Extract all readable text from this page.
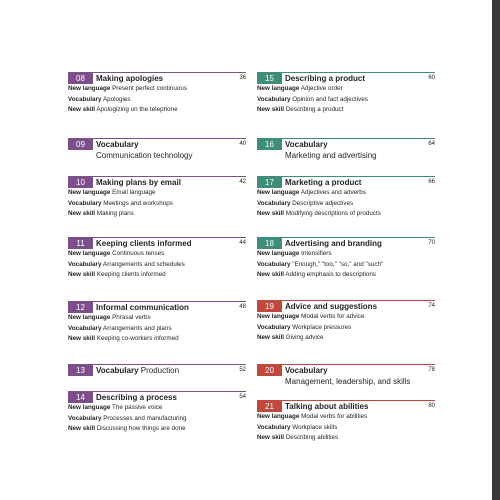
08	Making apologies	36
New language Present perfect continuous
Vocabulary Apologies
New skill Apologizing on the telephone
09	Vocabulary	40
Communication technology
10	Making plans by email	42
New language Email language
Vocabulary Meetings and workshops
New skill Making plans
11	Keeping clients informed	44
New language Continuous tenses
Vocabulary Arrangements and schedules
New skill Keeping clients informed
12	Informal communication	48
New language Phrasal verbs
Vocabulary Arrangements and plans
New skill Keeping co-workers informed
13	Vocabulary Production	52
14	Describing a process	54
New language The passive voice
Vocabulary Processes and manufacturing
New skill Discussing how things are done
15	Describing a product	60
New language Adjective order
Vocabulary Opinion and fact adjectives
New skill Describing a product
16	Vocabulary	64
Marketing and advertising
17	Marketing a product	66
New language Adjectives and adverbs
Vocabulary Descriptive adjectives
New skill Modifying descriptions of products
18	Advertising and branding	70
New language Intensifiers
Vocabulary "Enough," "too," "so," and "such"
New skill Adding emphasis to descriptions
19	Advice and suggestions	74
New language Modal verbs for advice
Vocabulary Workplace pressures
New skill Giving advice
20	Vocabulary	78
Management, leadership, and skills
21	Talking about abilities	80
New language Modal verbs for abilities
Vocabulary Workplace skills
New skill Describing abilities
